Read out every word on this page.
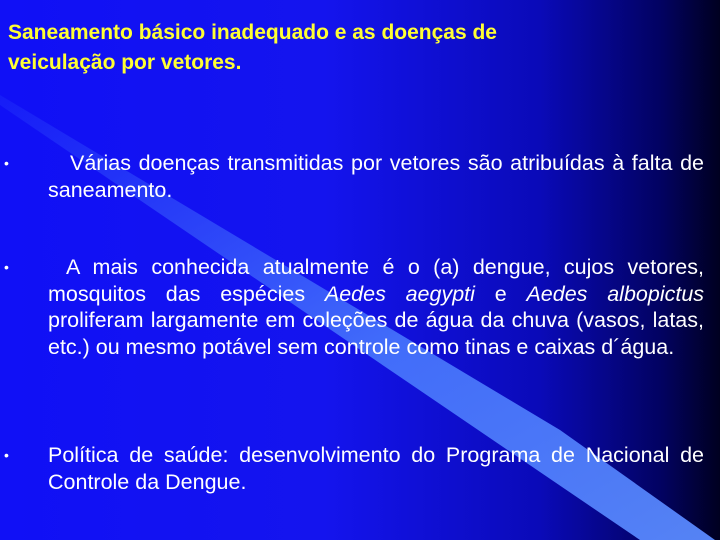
Saneamento básico inadequado e as doenças de
veiculação por vetores.
•	Várias doenças transmitidas por vetores são atribuídas à falta de saneamento.

•	A mais conhecida atualmente é o (a) dengue, cujos vetores, mosquitos das espécies Aedes aegypti e Aedes albopictus proliferam largamente em coleções de água da chuva (vasos, latas, etc.) ou mesmo potável sem controle como tinas e caixas d´água.

• Política de saúde: desenvolvimento do Programa de Nacional de Controle da Dengue.
